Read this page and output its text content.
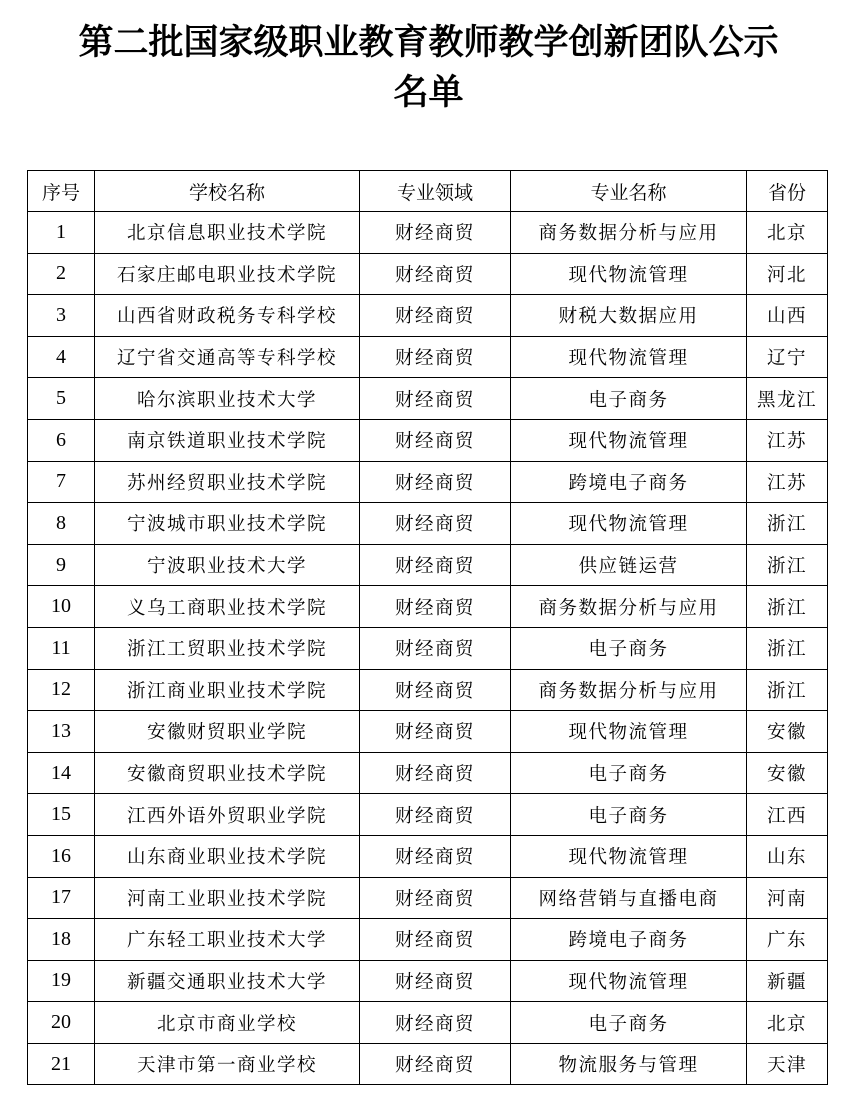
第二批国家级职业教育教师教学创新团队公示
名单
序号	学校名称	专业领域	专业名称	省份
1	北京信息职业技术学院	财经商贸	商务数据分析与应用	北京
2	石家庄邮电职业技术学院	财经商贸	现代物流管理	河北
3	山西省财政税务专科学校	财经商贸	财税大数据应用	山西
4	辽宁省交通高等专科学校	财经商贸	现代物流管理	辽宁
5	哈尔滨职业技术大学	财经商贸	电子商务	黑龙江
6	南京铁道职业技术学院	财经商贸	现代物流管理	江苏
7	苏州经贸职业技术学院	财经商贸	跨境电子商务	江苏
8	宁波城市职业技术学院	财经商贸	现代物流管理	浙江
9	宁波职业技术大学	财经商贸	供应链运营	浙江
10	义乌工商职业技术学院	财经商贸	商务数据分析与应用	浙江
11	浙江工贸职业技术学院	财经商贸	电子商务	浙江
12	浙江商业职业技术学院	财经商贸	商务数据分析与应用	浙江
13	安徽财贸职业学院	财经商贸	现代物流管理	安徽
14	安徽商贸职业技术学院	财经商贸	电子商务	安徽
15	江西外语外贸职业学院	财经商贸	电子商务	江西
16	山东商业职业技术学院	财经商贸	现代物流管理	山东
17	河南工业职业技术学院	财经商贸	网络营销与直播电商	河南
18	广东轻工职业技术大学	财经商贸	跨境电子商务	广东
19	新疆交通职业技术大学	财经商贸	现代物流管理	新疆
20	北京市商业学校	财经商贸	电子商务	北京
21	天津市第一商业学校	财经商贸	物流服务与管理	天津
